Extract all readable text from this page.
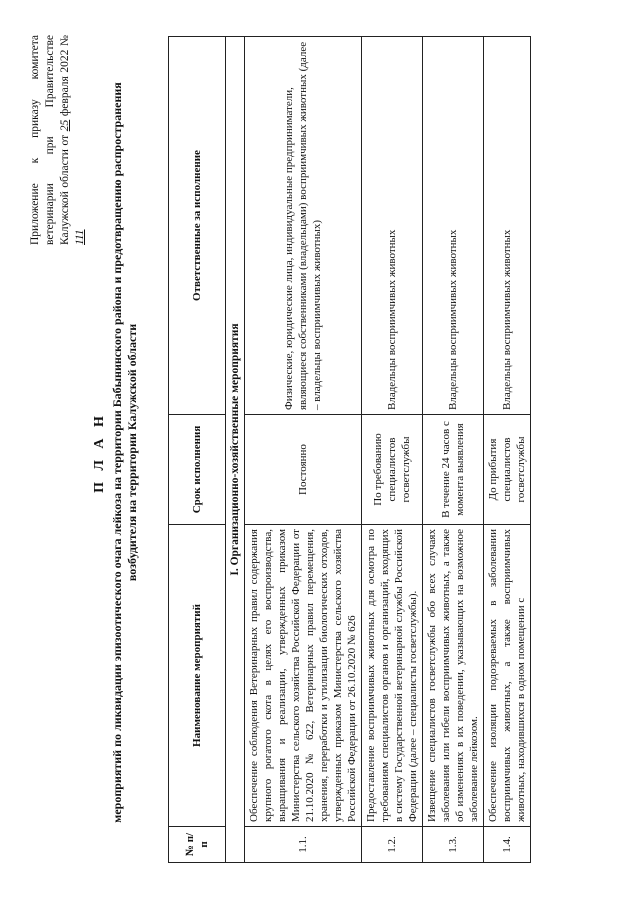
Приложение к приказу комитета ветеринарии при Правительстве Калужской области от 25 февраля 2022 № 111
П Л А Н мероприятий по ликвидации эпизоотического очага лейкоза на территории Бабынинского района и предотвращению распространения возбудителя на территории Калужской области
№ п/п	Наименование мероприятий	Срок исполнения	Ответственные за исполнение
I. Организационно-хозяйственные мероприятия			
1.1.	Обеспечение соблюдения Ветеринарных правил содержания крупного рогатого скота в целях его воспроизводства, выращивания и реализации, утвержденных приказом Министерства сельского хозяйства Российской Федерации от 21.10.2020 № 622, Ветеринарных правил перемещения, хранения, переработки и утилизации биологических отходов, утвержденных приказом Министерства сельского хозяйства Российской Федерации от 26.10.2020 № 626	Постоянно	Физические, юридические лица, индивидуальные предприниматели, являющиеся собственниками (владельцами) восприимчивых животных (далее – владельцы восприимчивых животных)
1.2.	Предоставление восприимчивых животных для осмотра по требованиям специалистов органов и организаций, входящих в систему Государственной ветеринарной службы Российской Федерации (далее – специалисты госветслужбы).	По требованию специалистов госветслужбы	Владельцы восприимчивых животных
1.3.	Извещение специалистов госветслужбы обо всех случаях заболевания или гибели восприимчивых животных, а также об изменениях в их поведении, указывающих на возможное заболевание лейкозом.	В течение 24 часов с момента выявления	Владельцы восприимчивых животных
1.4.	Обеспечение изоляции подозреваемых в заболевании восприимчивых животных, а также восприимчивых животных, находившихся в одном помещении с	До прибытия специалистов госветслужбы	Владельцы восприимчивых животных
